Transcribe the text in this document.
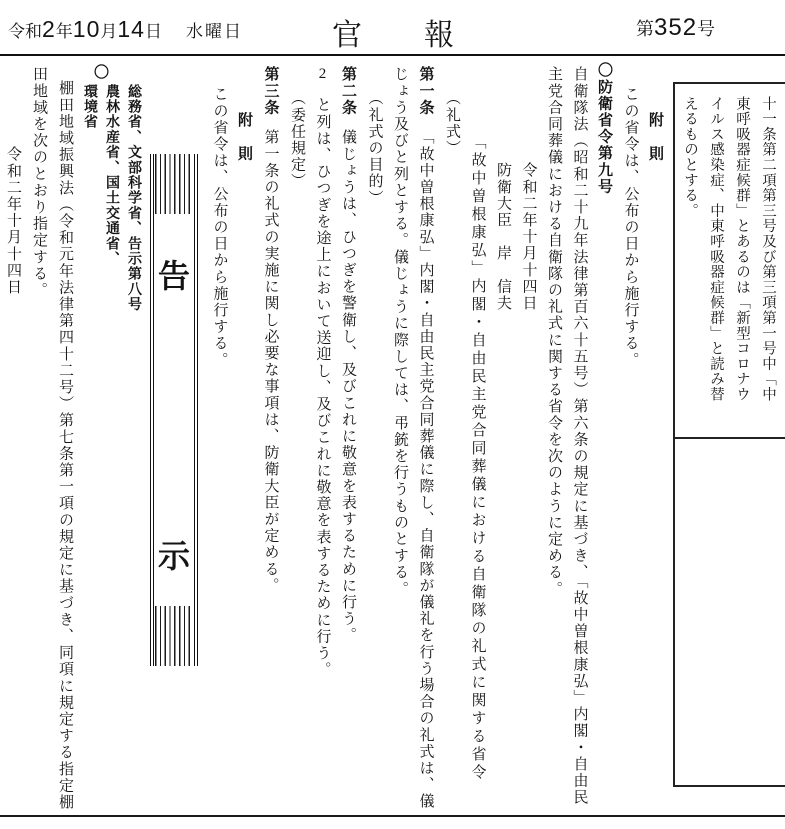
令和2年10月14日 水曜日	官 報	第352号
附　則
この省令は、公布の日から施行する。
〇防衛省令第九号
自衛隊法（昭和二十九年法律第百六十五号）第六条の規定に基づき、「故中曽根康弘」内閣・自由民
主党合同葬儀における自衛隊の礼式に関する省令を次のように定める。
令和二年十月十四日
防衛大臣　岸　信夫
「故中曽根康弘」内閣・自由民主党合同葬儀における自衛隊の礼式に関する省令
（礼式）
第一条「故中曽根康弘」内閣・自由民主党合同葬儀に際し、自衛隊が儀礼を行う場合の礼式は、儀
じょう及びと列とする。儀じょうに際しては、弔銃を行うものとする。
（礼式の目的）
第二条儀じょうは、ひつぎを警衛し、及びこれに敬意を表するために行う。
2と列は、ひつぎを途上において送迎し、及びこれに敬意を表するために行う。
（委任規定）
第三条第一条の礼式の実施に関し必要な事項は、防衛大臣が定める。
附　則
この省令は、公布の日から施行する。
告
示
〇
総務省、文部科学省、告示第八号
農林水産省、国土交通省、
環境省
棚田地域振興法（令和元年法律第四十二号）第七条第一項の規定に基づき、同項に規定する指定棚
田地域を次のとおり指定する。
令和二年十月十四日	十一条第二項第三号及び第三項第一号中「中
東呼吸器症候群」とあるのは「新型コロナウ
イルス感染症、中東呼吸器症候群」と読み替
えるものとする。
